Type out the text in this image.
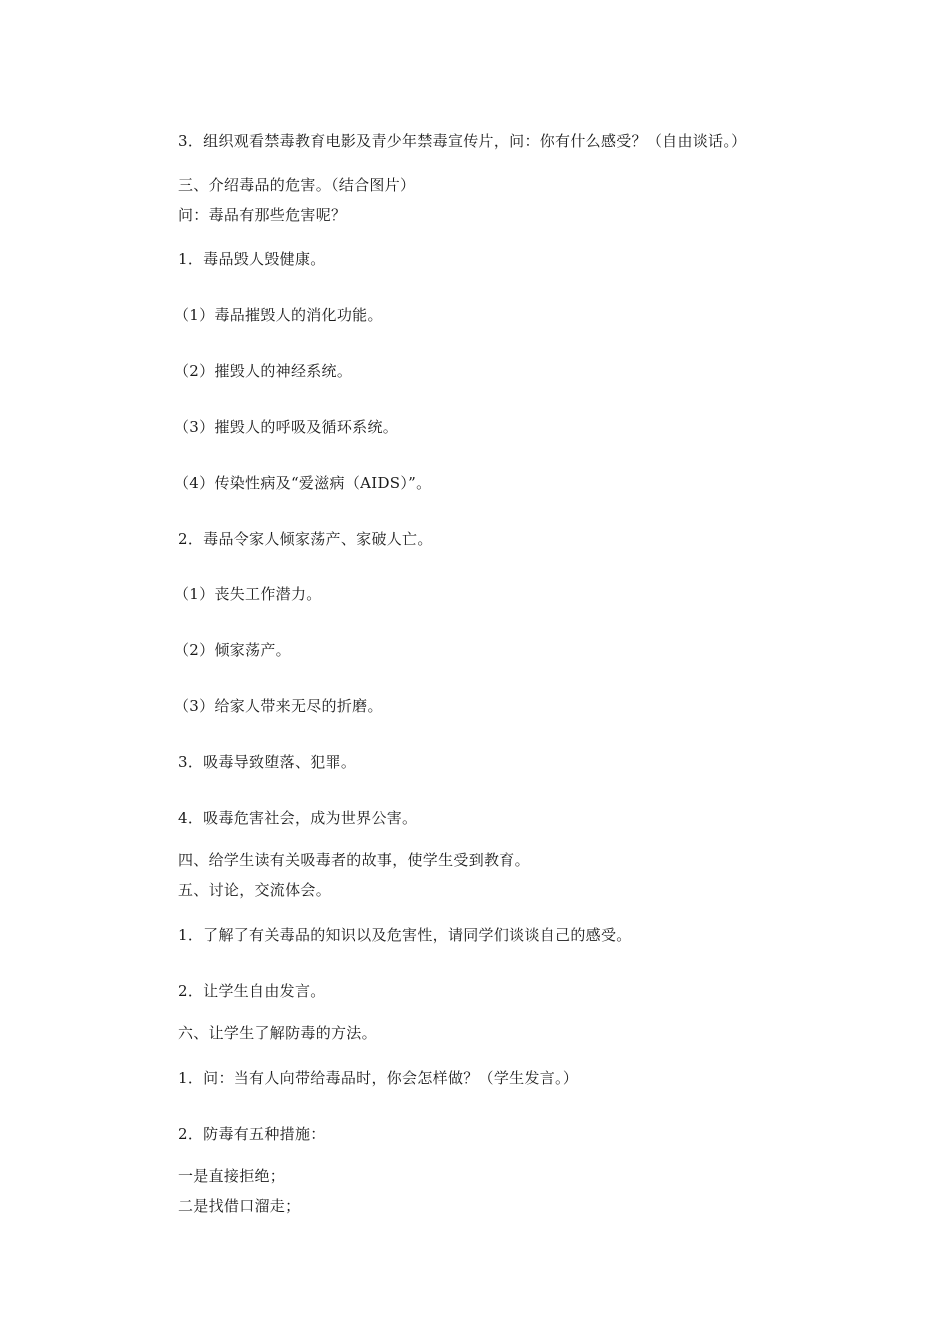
3．组织观看禁毒教育电影及青少年禁毒宣传片，问：你有什么感受？（自由谈话。）
三、介绍毒品的危害。（结合图片）
问：毒品有那些危害呢？
1．毒品毁人毁健康。
（1）毒品摧毁人的消化功能。
（2）摧毁人的神经系统。
（3）摧毁人的呼吸及循环系统。
（4）传染性病及“爱滋病（AIDS）”。
2．毒品令家人倾家荡产、家破人亡。
（1）丧失工作潜力。
（2）倾家荡产。
（3）给家人带来无尽的折磨。
3．吸毒导致堕落、犯罪。
4．吸毒危害社会，成为世界公害。
四、给学生读有关吸毒者的故事，使学生受到教育。
五、讨论，交流体会。
1．了解了有关毒品的知识以及危害性，请同学们谈谈自己的感受。
2．让学生自由发言。
六、让学生了解防毒的方法。
1．问：当有人向带给毒品时，你会怎样做？（学生发言。）
2．防毒有五种措施：
一是直接拒绝；
二是找借口溜走；
